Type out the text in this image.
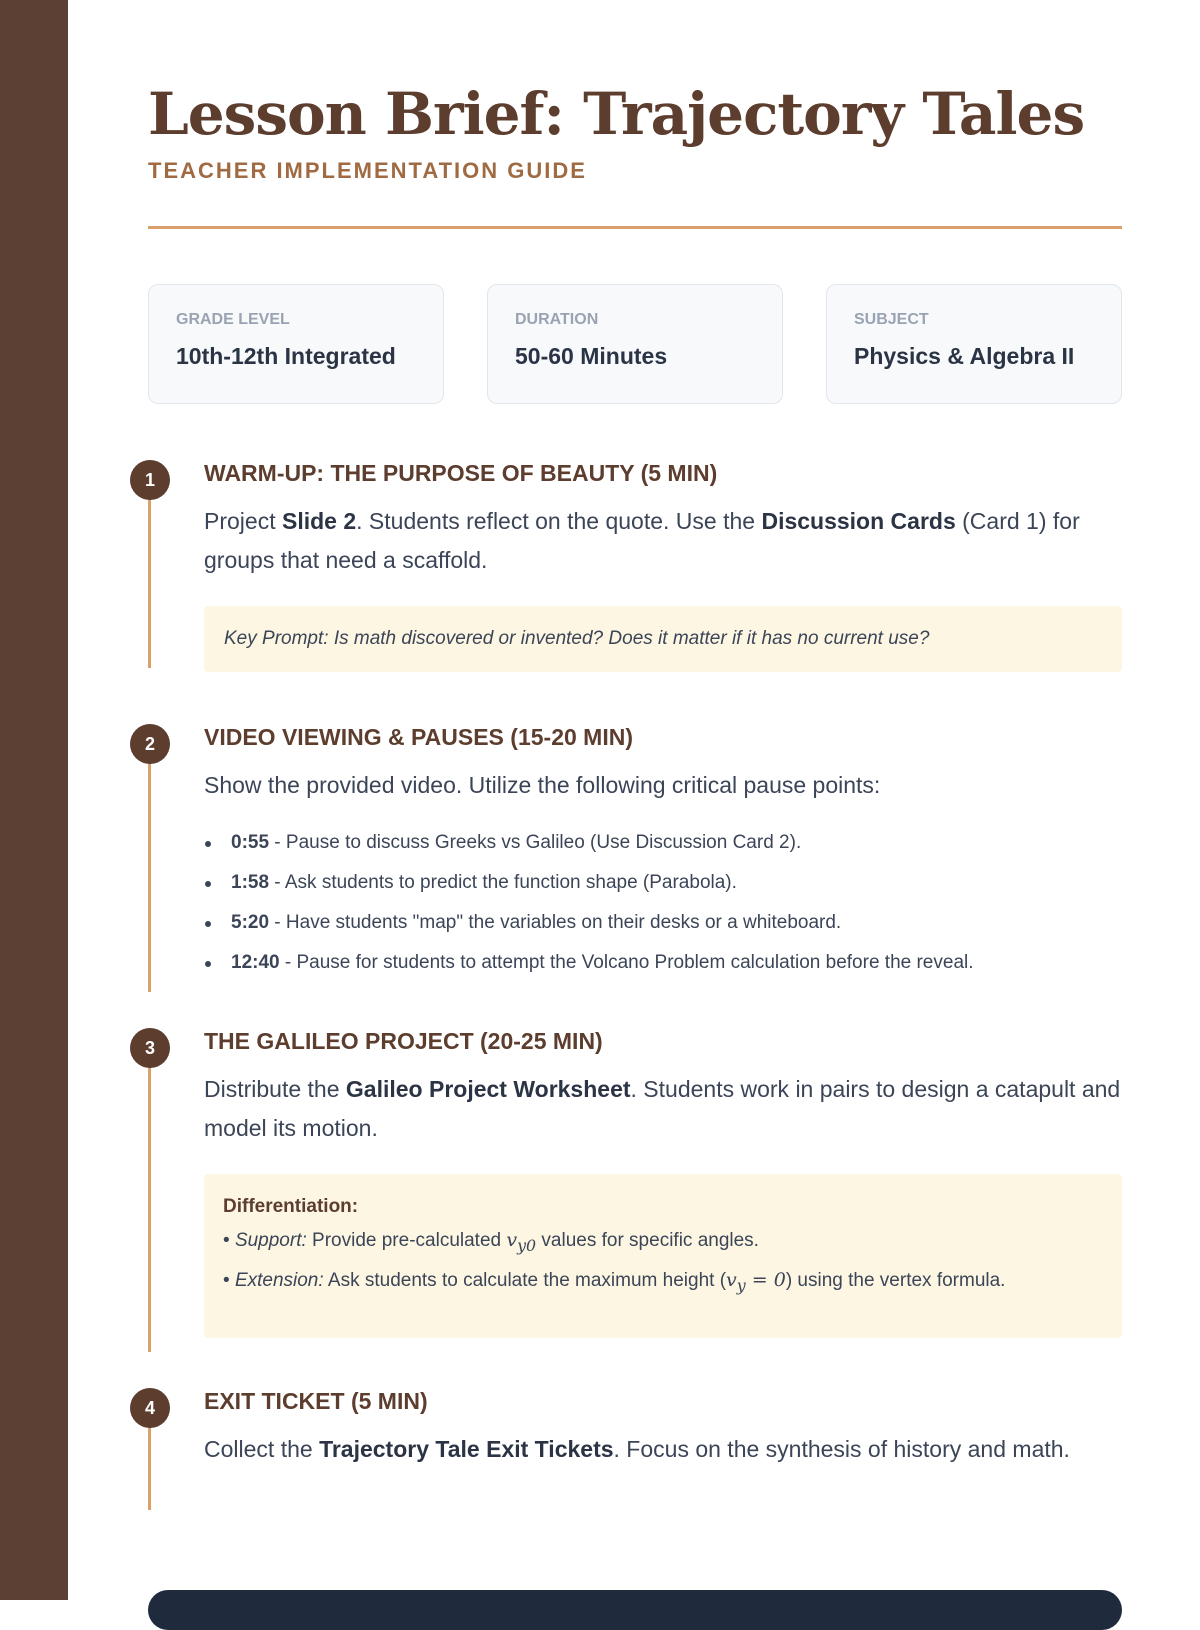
Lesson Brief: Trajectory Tales
TEACHER IMPLEMENTATION GUIDE
GRADE LEVEL
10th-12th Integrated
DURATION
50-60 Minutes
SUBJECT
Physics & Algebra II
1	WARM-UP: THE PURPOSE OF BEAUTY (5 MIN)

Project Slide 2. Students reflect on the quote. Use the Discussion Cards (Card 1) for groups that need a scaffold.

Key Prompt: Is math discovered or invented? Does it matter if it has no current use?
2	VIDEO VIEWING & PAUSES (15-20 MIN)

Show the provided video. Utilize the following critical pause points:

0:55 - Pause to discuss Greeks vs Galileo (Use Discussion Card 2).
1:58 - Ask students to predict the function shape (Parabola).
5:20 - Have students "map" the variables on their desks or a whiteboard.
12:40 - Pause for students to attempt the Volcano Problem calculation before the reveal.
3	THE GALILEO PROJECT (20-25 MIN)

Distribute the Galileo Project Worksheet. Students work in pairs to design a catapult and model its motion.

Differentiation:
• Support: Provide pre-calculated $v_{y0}$ values for specific angles.
• Extension: Ask students to calculate the maximum height $(v_y = 0)$ using the vertex formula.
4	EXIT TICKET (5 MIN)

Collect the Trajectory Tale Exit Tickets. Focus on the synthesis of history and math.
